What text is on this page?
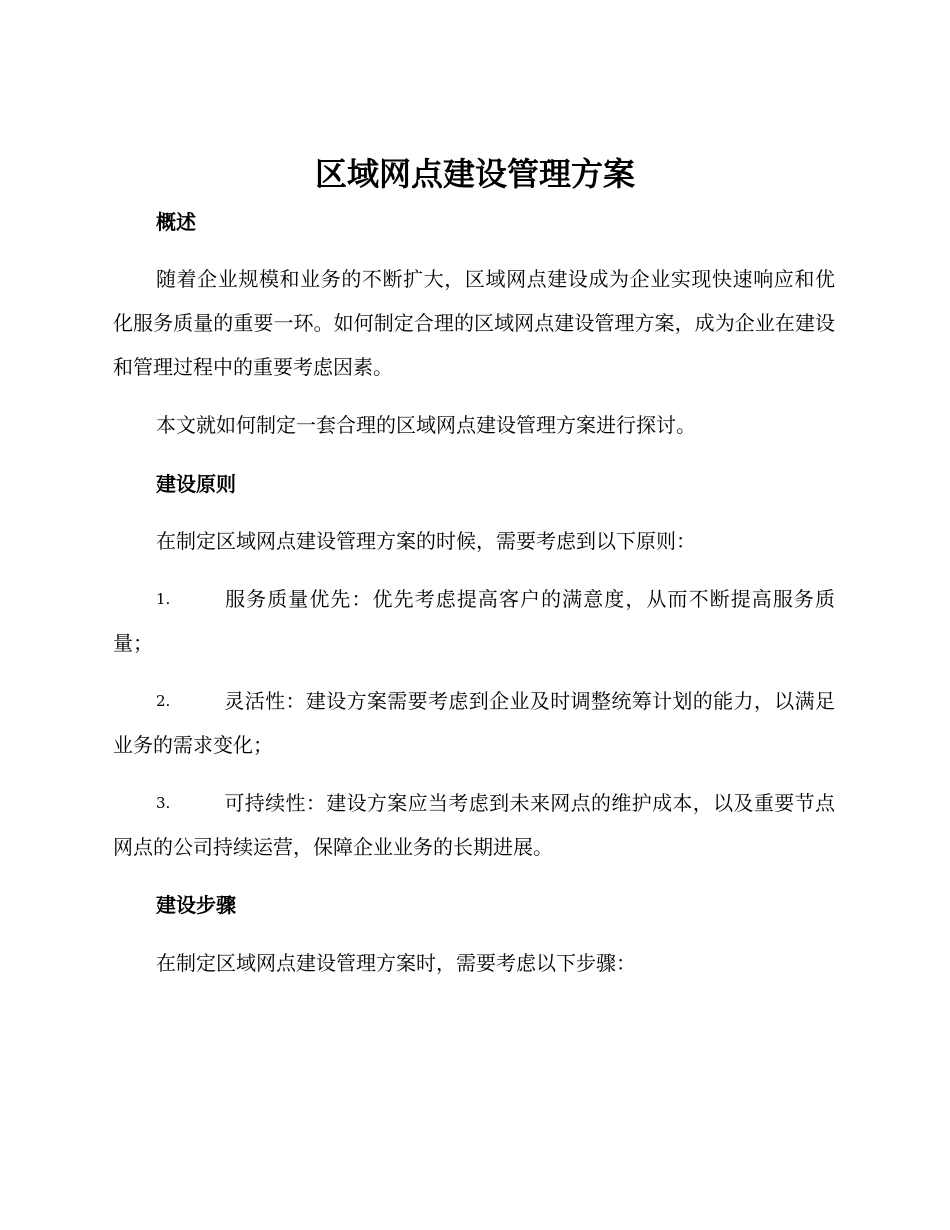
区域网点建设管理方案

概述

随着企业规模和业务的不断扩大，区域网点建设成为企业实现快速响应和优化服务质量的重要一环。如何制定合理的区域网点建设管理方案，成为企业在建设和管理过程中的重要考虑因素。

本文就如何制定一套合理的区域网点建设管理方案进行探讨。

建设原则

在制定区域网点建设管理方案的时候，需要考虑到以下原则：

1.	服务质量优先：优先考虑提高客户的满意度，从而不断提高服务质量；

2.	灵活性：建设方案需要考虑到企业及时调整统筹计划的能力，以满足业务的需求变化；

3.	可持续性：建设方案应当考虑到未来网点的维护成本，以及重要节点网点的公司持续运营，保障企业业务的长期进展。

建设步骤

在制定区域网点建设管理方案时，需要考虑以下步骤：
